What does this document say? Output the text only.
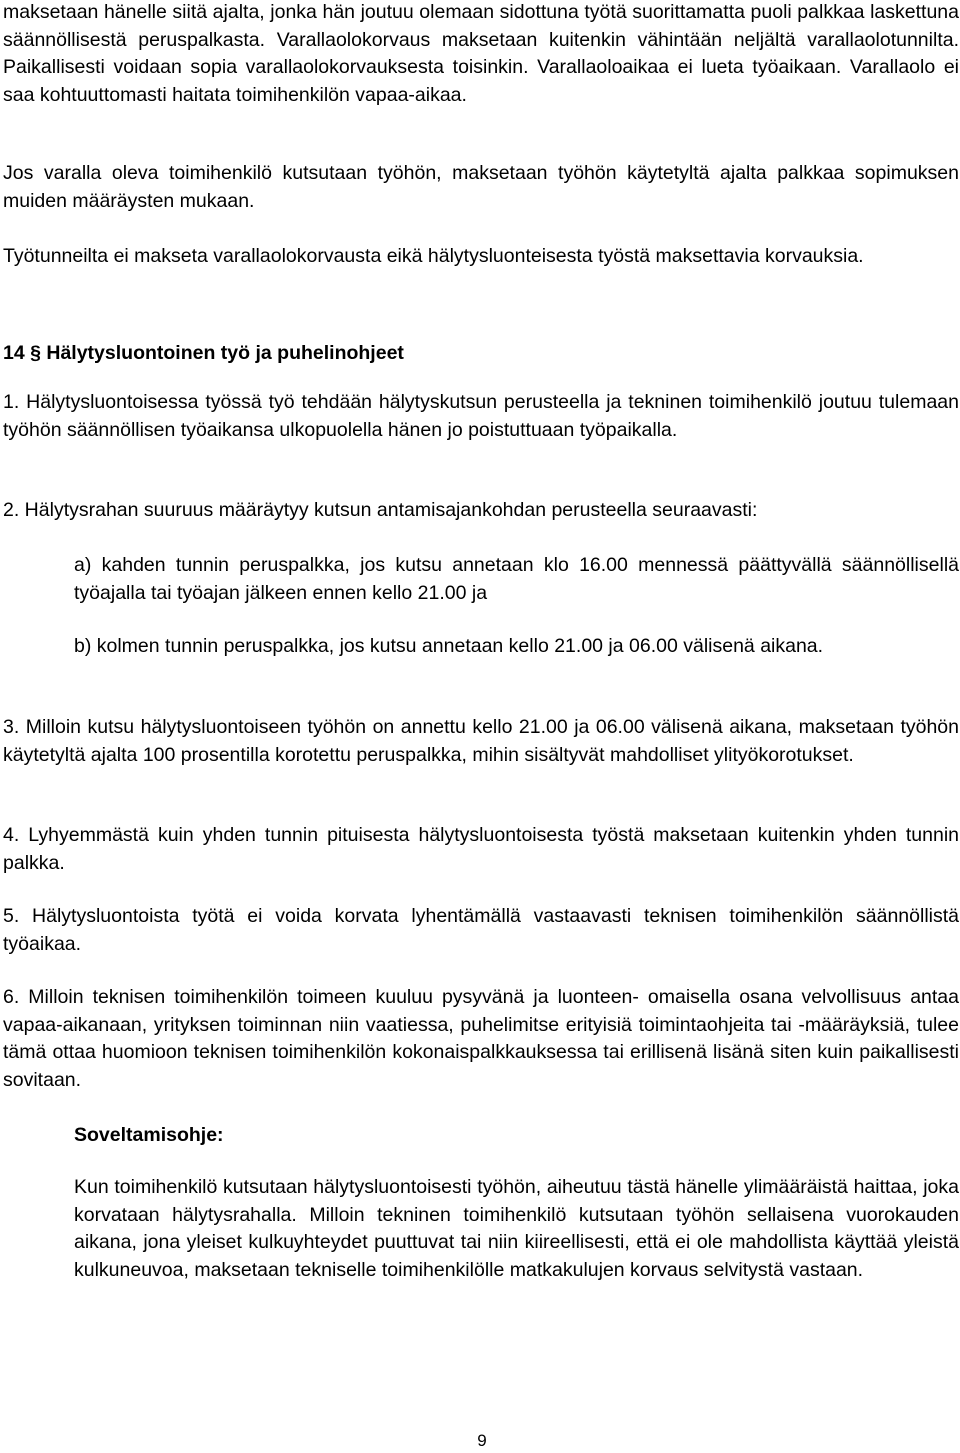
maksetaan hänelle siitä ajalta, jonka hän joutuu olemaan sidottuna työtä suorittamatta puoli palkkaa laskettuna säännöllisestä peruspalkasta. Varallaolokorvaus maksetaan kuitenkin vähintään neljältä varallaolotunnilta. Paikallisesti voidaan sopia varallaolokorvauksesta toisinkin. Varallaoloaikaa ei lueta työaikaan. Varallaolo ei saa kohtuuttomasti haitata toimihenkilön vapaa-aikaa.

Jos varalla oleva toimihenkilö kutsutaan työhön, maksetaan työhön käytetyltä ajalta palkkaa sopimuksen muiden määräysten mukaan.

Työtunneilta ei makseta varallaolokorvausta eikä hälytysluonteisesta työstä maksettavia korvauksia.

14 § Hälytysluontoinen työ ja puhelinohjeet

1. Hälytysluontoisessa työssä työ tehdään hälytyskutsun perusteella ja tekninen toimihenkilö joutuu tulemaan työhön säännöllisen työaikansa ulkopuolella hänen jo poistuttuaan työpaikalla.

2. Hälytysrahan suuruus määräytyy kutsun antamisajankohdan perusteella seuraavasti:

a) kahden tunnin peruspalkka, jos kutsu annetaan klo 16.00 mennessä päättyvällä säännöllisellä työajalla tai työajan jälkeen ennen kello 21.00 ja

b) kolmen tunnin peruspalkka, jos kutsu annetaan kello 21.00 ja 06.00 välisenä aikana.

3. Milloin kutsu hälytysluontoiseen työhön on annettu kello 21.00 ja 06.00 välisenä aikana, maksetaan työhön käytetyltä ajalta 100 prosentilla korotettu peruspalkka, mihin sisältyvät mahdolliset ylityökorotukset.

4. Lyhyemmästä kuin yhden tunnin pituisesta hälytysluontoisesta työstä maksetaan kuitenkin yhden tunnin palkka.

5. Hälytysluontoista työtä ei voida korvata lyhentämällä vastaavasti teknisen toimihenkilön säännöllistä työaikaa.

6. Milloin teknisen toimihenkilön toimeen kuuluu pysyvänä ja luonteen- omaisella osana velvollisuus antaa vapaa-aikanaan, yrityksen toiminnan niin vaatiessa, puhelimitse erityisiä toimintaohjeita tai -määräyksiä, tulee tämä ottaa huomioon teknisen toimihenkilön kokonaispalkkauksessa tai erillisenä lisänä siten kuin paikallisesti sovitaan.

Soveltamisohje:

Kun toimihenkilö kutsutaan hälytysluontoisesti työhön, aiheutuu tästä hänelle ylimääräistä haittaa, joka korvataan hälytysrahalla. Milloin tekninen toimihenkilö kutsutaan työhön sellaisena vuorokauden aikana, jona yleiset kulkuyhteydet puuttuvat tai niin kiireellisesti, että ei ole mahdollista käyttää yleistä kulkuneuvoa, maksetaan tekniselle toimihenkilölle matkakulujen korvaus selvitystä vastaan.

9
